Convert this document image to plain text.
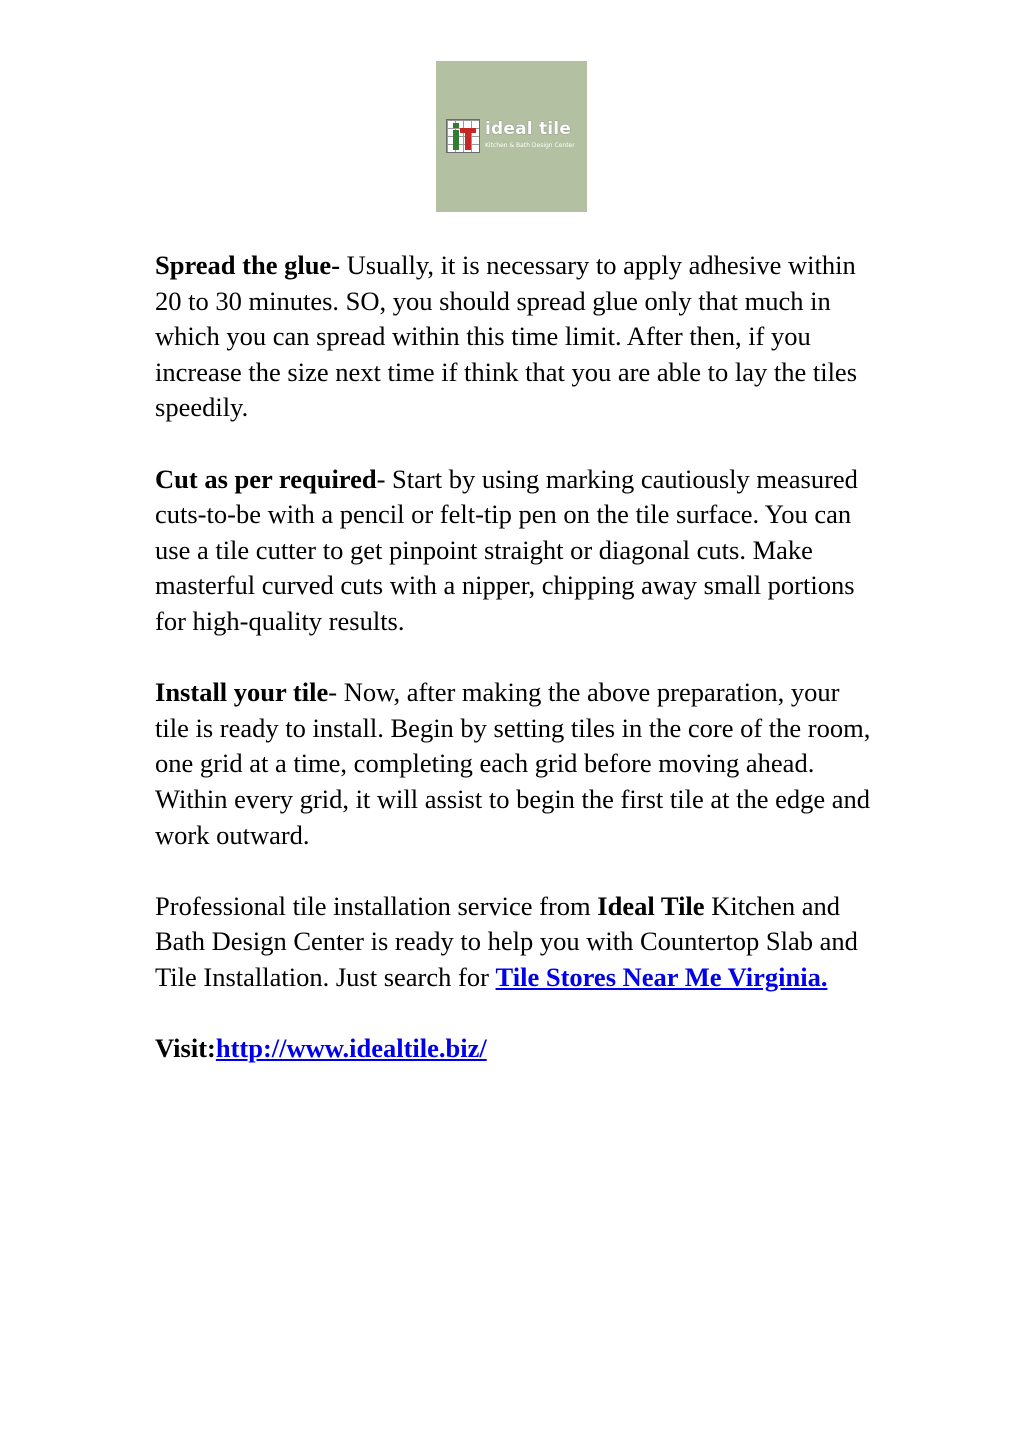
ideal tile
Kitchen & Bath Design Center

Spread the glue- Usually, it is necessary to apply adhesive within 20 to 30 minutes. SO, you should spread glue only that much in which you can spread within this time limit. After then, if you increase the size next time if think that you are able to lay the tiles speedily.

Cut as per required- Start by using marking cautiously measured cuts-to-be with a pencil or felt-tip pen on the tile surface. You can use a tile cutter to get pinpoint straight or diagonal cuts. Make masterful curved cuts with a nipper, chipping away small portions for high-quality results.

Install your tile- Now, after making the above preparation, your tile is ready to install. Begin by setting tiles in the core of the room, one grid at a time, completing each grid before moving ahead. Within every grid, it will assist to begin the first tile at the edge and work outward.

Professional tile installation service from Ideal Tile Kitchen and Bath Design Center is ready to help you with Countertop Slab and Tile Installation. Just search for Tile Stores Near Me Virginia.

Visit:http://www.idealtile.biz/
